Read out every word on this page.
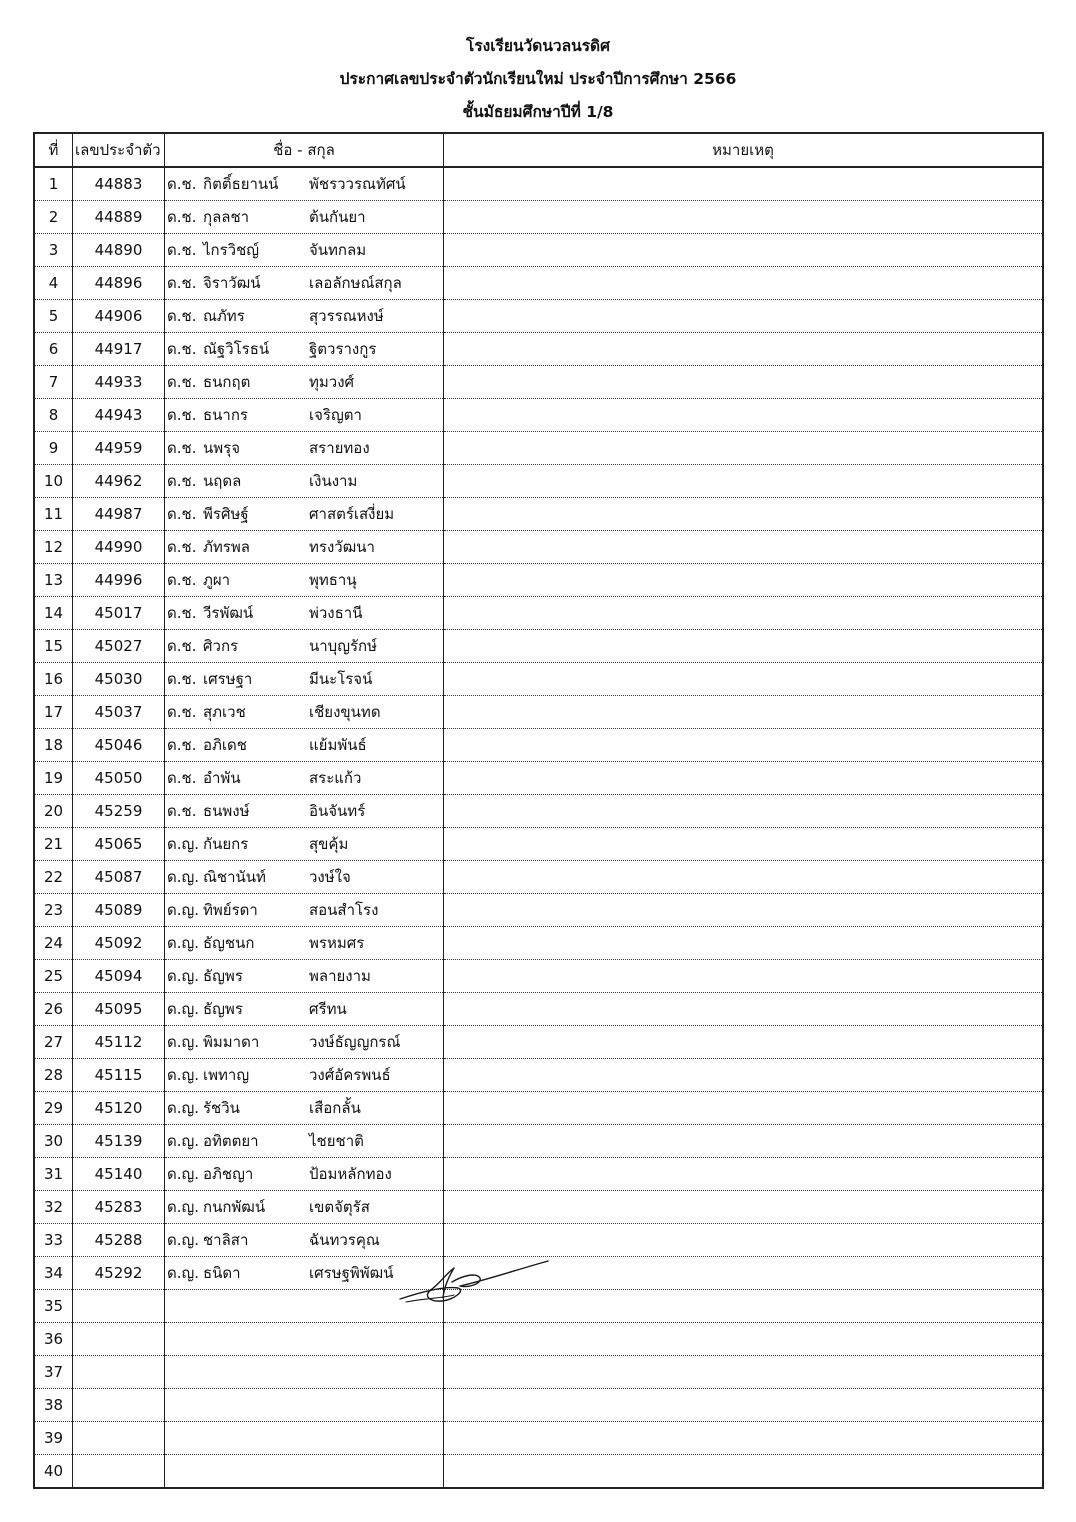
โรงเรียนวัดนวลนรดิศ
ประกาศเลขประจำตัวนักเรียนใหม่ ประจำปีการศึกษา 2566
ชั้นมัธยมศึกษาปีที่ 1/8
ที่	เลขประจำตัว	ชื่อ - สกุล	หมายเหตุ
1	44883	ด.ช. กิตติ์ธยานน์ พัชรววรณทัศน์	
2	44889	ด.ช. กุลลชา ต้นกันยา	
3	44890	ด.ช. ไกรวิชญ์ จันทกลม	
4	44896	ด.ช. จิราวัฒน์ เลอลักษณ์สกุล	
5	44906	ด.ช. ณภัทร สุวรรณหงษ์	
6	44917	ด.ช. ณัฐวิโรธน์ ฐิตวรางกูร	
7	44933	ด.ช. ธนกฤต ทุมวงศ์	
8	44943	ด.ช. ธนากร เจริญตา	
9	44959	ด.ช. นพรุจ สรายทอง	
10	44962	ด.ช. นฤดล เงินงาม	
11	44987	ด.ช. พีรศิษฐ์ ศาสตร์เสงี่ยม	
12	44990	ด.ช. ภัทรพล ทรงวัฒนา	
13	44996	ด.ช. ภูผา พุทธานุ	
14	45017	ด.ช. วีรพัฒน์ พ่วงธานี	
15	45027	ด.ช. ศิวกร นาบุญรักษ์	
16	45030	ด.ช. เศรษฐา มีนะโรจน์	
17	45037	ด.ช. สุภเวช เชียงขุนทด	
18	45046	ด.ช. อภิเดช แย้มพันธ์	
19	45050	ด.ช. อำพัน สระแก้ว	
20	45259	ด.ช. ธนพงษ์ อินจันทร์	
21	45065	ด.ญ. กันยกร สุขคุ้ม	
22	45087	ด.ญ. ณิชานันท์ วงษ์ใจ	
23	45089	ด.ญ. ทิพย์รดา สอนสำโรง	
24	45092	ด.ญ. ธัญชนก พรหมศร	
25	45094	ด.ญ. ธัญพร พลายงาม	
26	45095	ด.ญ. ธัญพร ศรีทน	
27	45112	ด.ญ. พิมมาดา วงษ์ธัญญกรณ์	
28	45115	ด.ญ. เพทาญ วงศ์อัครพนธ์	
29	45120	ด.ญ. รัชวิน เสือกลั้น	
30	45139	ด.ญ. อทิตตยา ไชยชาติ	
31	45140	ด.ญ. อภิชญา ป้อมหลักทอง	
32	45283	ด.ญ. กนกพัฒน์ เขตจัตุรัส	
33	45288	ด.ญ. ชาลิสา ฉันทวรคุณ	
34	45292	ด.ญ. ธนิดา เศรษฐพิพัฒน์	
35			
36			
37			
38			
39			
40			
